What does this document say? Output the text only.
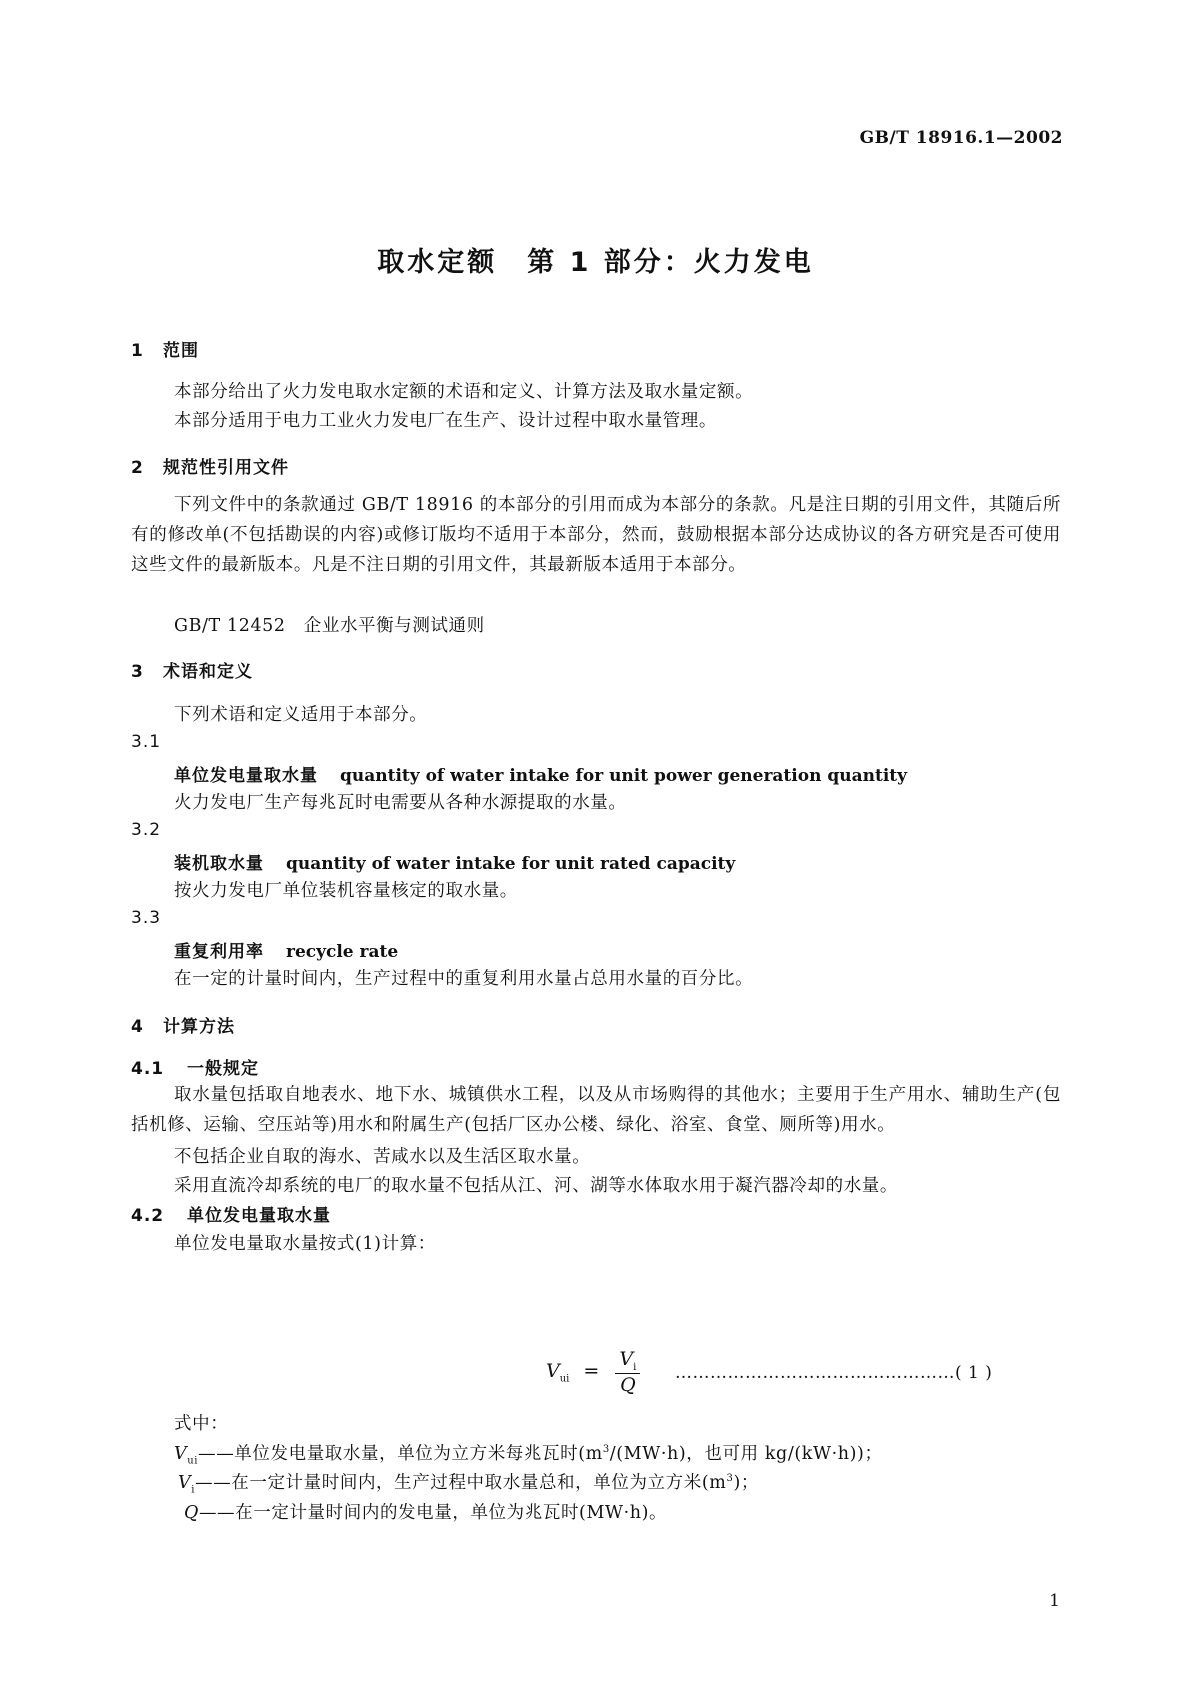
GB/T 18916.1—2002
取水定额　第 1 部分：火力发电
1 范围
本部分给出了火力发电取水定额的术语和定义、计算方法及取水量定额。
本部分适用于电力工业火力发电厂在生产、设计过程中取水量管理。
2 规范性引用文件
下列文件中的条款通过 GB/T 18916 的本部分的引用而成为本部分的条款。凡是注日期的引用文件，其随后所有的修改单(不包括勘误的内容)或修订版均不适用于本部分，然而，鼓励根据本部分达成协议的各方研究是否可使用这些文件的最新版本。凡是不注日期的引用文件，其最新版本适用于本部分。
GB/T 12452　企业水平衡与测试通则
3 术语和定义
下列术语和定义适用于本部分。
3.1
单位发电量取水量 quantity of water intake for unit power generation quantity
火力发电厂生产每兆瓦时电需要从各种水源提取的水量。
3.2
装机取水量 quantity of water intake for unit rated capacity
按火力发电厂单位装机容量核定的取水量。
3.3
重复利用率 recycle rate
在一定的计量时间内，生产过程中的重复利用水量占总用水量的百分比。
4 计算方法
4.1 一般规定
取水量包括取自地表水、地下水、城镇供水工程，以及从市场购得的其他水；主要用于生产用水、辅助生产(包括机修、运输、空压站等)用水和附属生产(包括厂区办公楼、绿化、浴室、食堂、厕所等)用水。
不包括企业自取的海水、苦咸水以及生活区取水量。
采用直流冷却系统的电厂的取水量不包括从江、河、湖等水体取水用于凝汽器冷却的水量。
4.2 单位发电量取水量
单位发电量取水量按式(1)计算：
$V_{ui} = \frac{V_i}{Q}$ …………………………………………( 1 )
式中：
$V_{ui}——$单位发电量取水量，单位为立方米每兆瓦时($m^3/(MW\cdot h)$，也可用 kg/(kW·h))；
$V_i——$在一定计量时间内，生产过程中取水量总和，单位为立方米$(m^3)$；
Q——在一定计量时间内的发电量，单位为兆瓦时(MW·h)。
1
